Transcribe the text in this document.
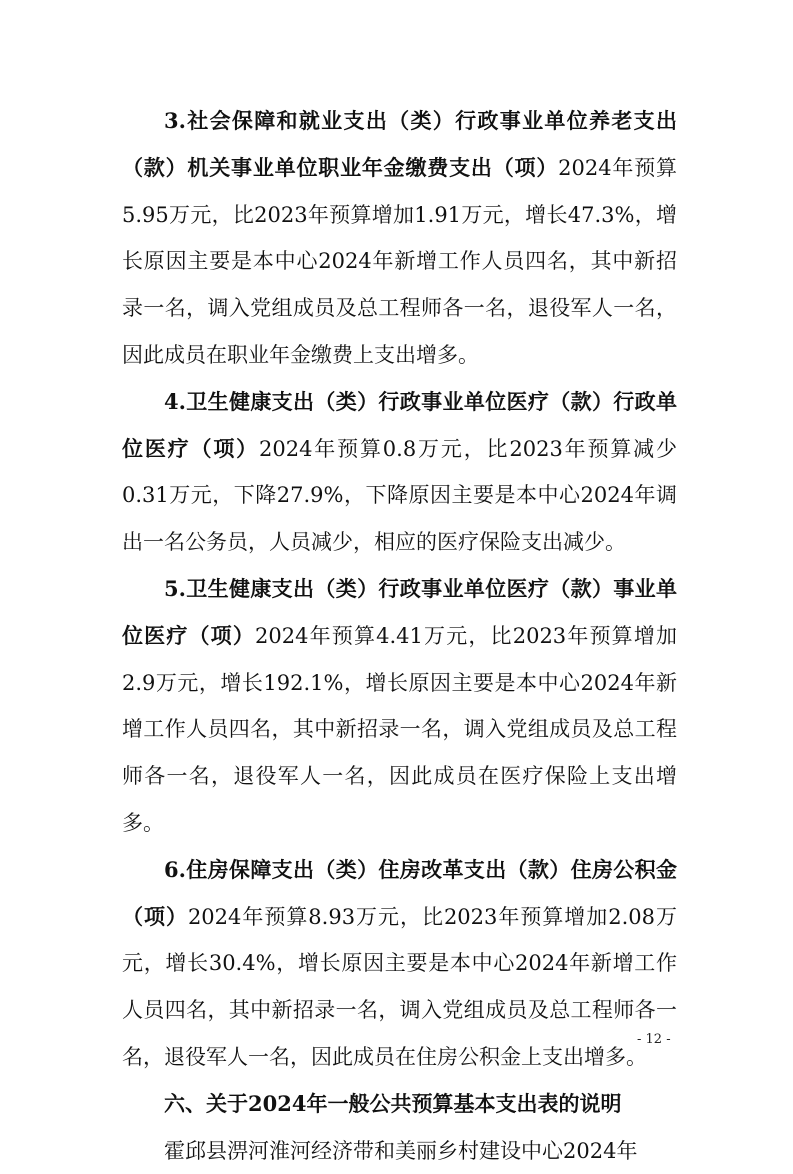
3.社会保障和就业支出（类）行政事业单位养老支出（款）机关事业单位职业年金缴费支出（项）2024年预算5.95万元，比2023年预算增加1.91万元，增长47.3%，增长原因主要是本中心2024年新增工作人员四名，其中新招录一名，调入党组成员及总工程师各一名，退役军人一名，因此成员在职业年金缴费上支出增多。

4.卫生健康支出（类）行政事业单位医疗（款）行政单位医疗（项）2024年预算0.8万元，比2023年预算减少0.31万元，下降27.9%，下降原因主要是本中心2024年调出一名公务员，人员减少，相应的医疗保险支出减少。

5.卫生健康支出（类）行政事业单位医疗（款）事业单位医疗（项）2024年预算4.41万元，比2023年预算增加2.9万元，增长192.1%，增长原因主要是本中心2024年新增工作人员四名，其中新招录一名，调入党组成员及总工程师各一名，退役军人一名，因此成员在医疗保险上支出增多。

6.住房保障支出（类）住房改革支出（款）住房公积金（项）2024年预算8.93万元，比2023年预算增加2.08万元，增长30.4%，增长原因主要是本中心2024年新增工作人员四名，其中新招录一名，调入党组成员及总工程师各一名，退役军人一名，因此成员在住房公积金上支出增多。

六、关于2024年一般公共预算基本支出表的说明

霍邱县淠河淮河经济带和美丽乡村建设中心2024年

- 12 -
